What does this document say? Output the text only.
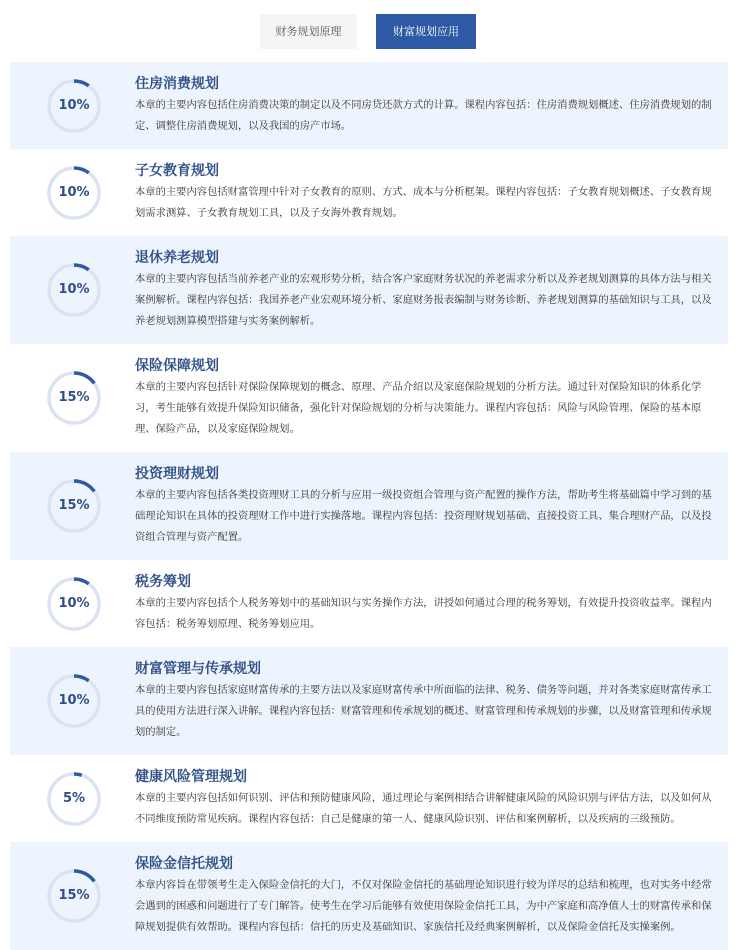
财务规划原理	财富规划应用
10%
住房消费规划
本章的主要内容包括住房消费决策的制定以及不同房贷还款方式的计算。课程内容包括：住房消费规划概述、住房消费规划的制定、调整住房消费规划，以及我国的房产市场。
10%
子女教育规划
本章的主要内容包括财富管理中针对子女教育的原则、方式、成本与分析框架。课程内容包括：子女教育规划概述、子女教育规划需求测算、子女教育规划工具，以及子女海外教育规划。
10%
退休养老规划
本章的主要内容包括当前养老产业的宏观形势分析，结合客户家庭财务状况的养老需求分析以及养老规划测算的具体方法与相关案例解析。课程内容包括：我国养老产业宏观环境分析、家庭财务报表编制与财务诊断、养老规划测算的基础知识与工具，以及养老规划测算模型搭建与实务案例解析。
15%
保险保障规划
本章的主要内容包括针对保险保障规划的概念、原理、产品介绍以及家庭保险规划的分析方法。通过针对保险知识的体系化学习，考生能够有效提升保险知识储备，强化针对保险规划的分析与决策能力。课程内容包括：风险与风险管理、保险的基本原理、保险产品，以及家庭保险规划。
15%
投资理财规划
本章的主要内容包括各类投资理财工具的分析与应用一级投资组合管理与资产配置的操作方法，帮助考生将基础篇中学习到的基础理论知识在具体的投资理财工作中进行实操落地。课程内容包括：投资理财规划基础、直接投资工具、集合理财产品，以及投资组合管理与资产配置。
10%
税务筹划
本章的主要内容包括个人税务筹划中的基础知识与实务操作方法，讲授如何通过合理的税务筹划，有效提升投资收益率。课程内容包括：税务筹划原理、税务筹划应用。
10%
财富管理与传承规划
本章的主要内容包括家庭财富传承的主要方法以及家庭财富传承中所面临的法律、税务、债务等问题，并对各类家庭财富传承工具的使用方法进行深入讲解。课程内容包括：财富管理和传承规划的概述、财富管理和传承规划的步骤，以及财富管理和传承规划的制定。
5%
健康风险管理规划
本章的主要内容包括如何识别、评估和预防健康风险，通过理论与案例相结合讲解健康风险的风险识别与评估方法，以及如何从不同维度预防常见疾病。课程内容包括：自己是健康的第一人、健康风险识别、评估和案例解析，以及疾病的三级预防。
15%
保险金信托规划
本章内容旨在带领考生走入保险金信托的大门，不仅对保险金信托的基础理论知识进行较为详尽的总结和梳理，也对实务中经常会遇到的困惑和问题进行了专门解答。使考生在学习后能够有效使用保险金信托工具，为中产家庭和高净值人士的财富传承和保障规划提供有效帮助。课程内容包括：信托的历史及基础知识、家族信托及经典案例解析，以及保险金信托及实操案例。
